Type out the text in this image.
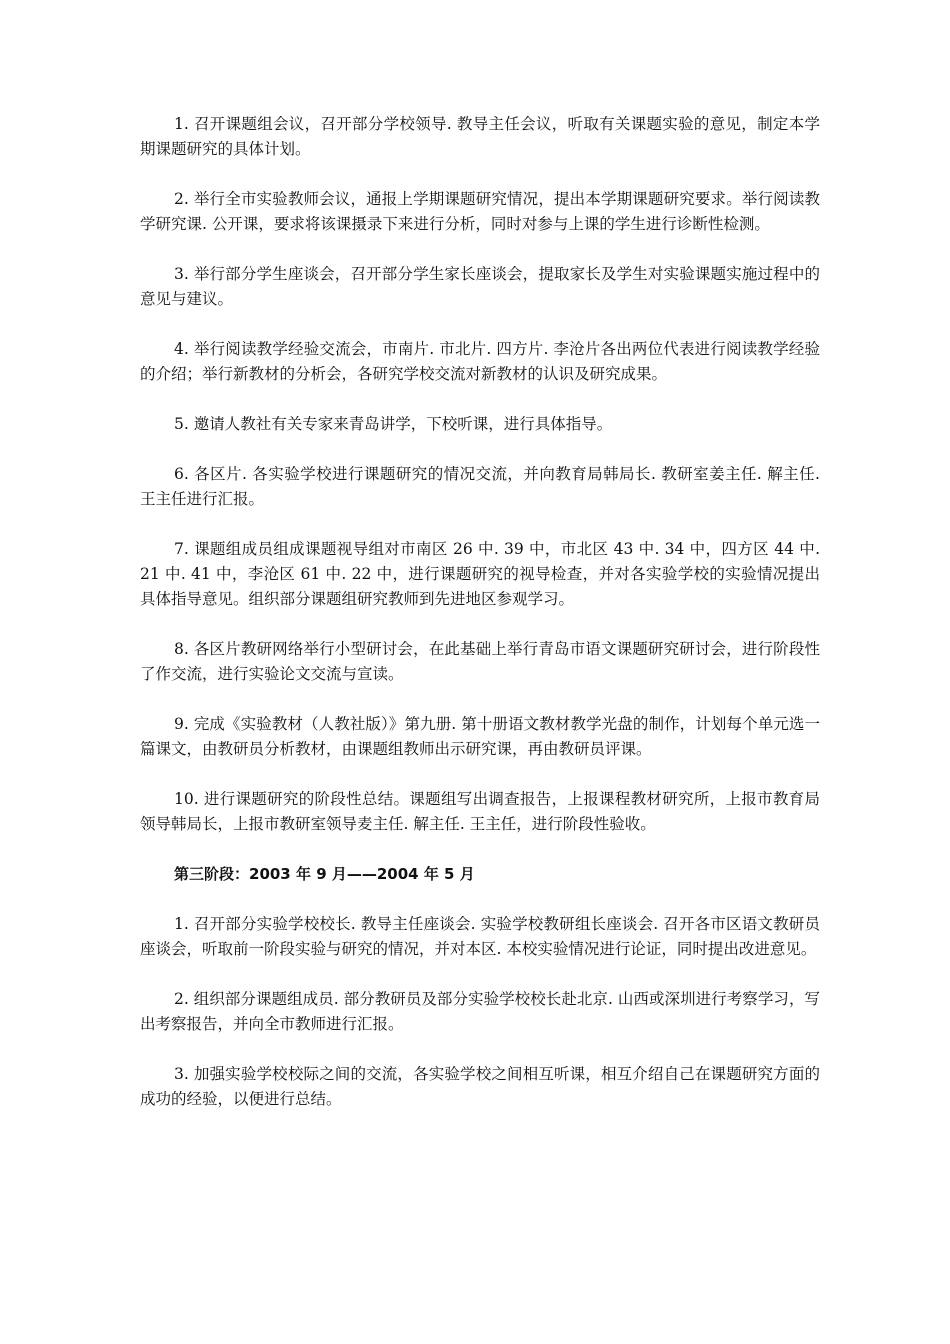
1. 召开课题组会议，召开部分学校领导. 教导主任会议，听取有关课题实验的意见，制定本学期课题研究的具体计划。

2. 举行全市实验教师会议，通报上学期课题研究情况，提出本学期课题研究要求。举行阅读教学研究课. 公开课，要求将该课摄录下来进行分析，同时对参与上课的学生进行诊断性检测。

3. 举行部分学生座谈会，召开部分学生家长座谈会，提取家长及学生对实验课题实施过程中的意见与建议。

4. 举行阅读教学经验交流会，市南片. 市北片. 四方片. 李沧片各出两位代表进行阅读教学经验的介绍；举行新教材的分析会，各研究学校交流对新教材的认识及研究成果。

5. 邀请人教社有关专家来青岛讲学，下校听课，进行具体指导。

6. 各区片. 各实验学校进行课题研究的情况交流，并向教育局韩局长. 教研室姜主任. 解主任. 王主任进行汇报。

7. 课题组成员组成课题视导组对市南区 26 中. 39 中，市北区 43 中. 34 中，四方区 44 中. 21 中. 41 中，李沧区 61 中. 22 中，进行课题研究的视导检查，并对各实验学校的实验情况提出具体指导意见。组织部分课题组研究教师到先进地区参观学习。

8. 各区片教研网络举行小型研讨会，在此基础上举行青岛市语文课题研究研讨会，进行阶段性了作交流，进行实验论文交流与宣读。

9. 完成《实验教材（人教社版）》第九册. 第十册语文教材教学光盘的制作，计划每个单元选一篇课文，由教研员分析教材，由课题组教师出示研究课，再由教研员评课。

10. 进行课题研究的阶段性总结。课题组写出调查报告，上报课程教材研究所，上报市教育局领导韩局长，上报市教研室领导麦主任. 解主任. 王主任，进行阶段性验收。

第三阶段：2003 年 9 月——2004 年 5 月

1. 召开部分实验学校校长. 教导主任座谈会. 实验学校教研组长座谈会. 召开各市区语文教研员座谈会，听取前一阶段实验与研究的情况，并对本区. 本校实验情况进行论证，同时提出改进意见。

2. 组织部分课题组成员. 部分教研员及部分实验学校校长赴北京. 山西或深圳进行考察学习，写出考察报告，并向全市教师进行汇报。

3. 加强实验学校校际之间的交流，各实验学校之间相互听课，相互介绍自己在课题研究方面的成功的经验，以便进行总结。
